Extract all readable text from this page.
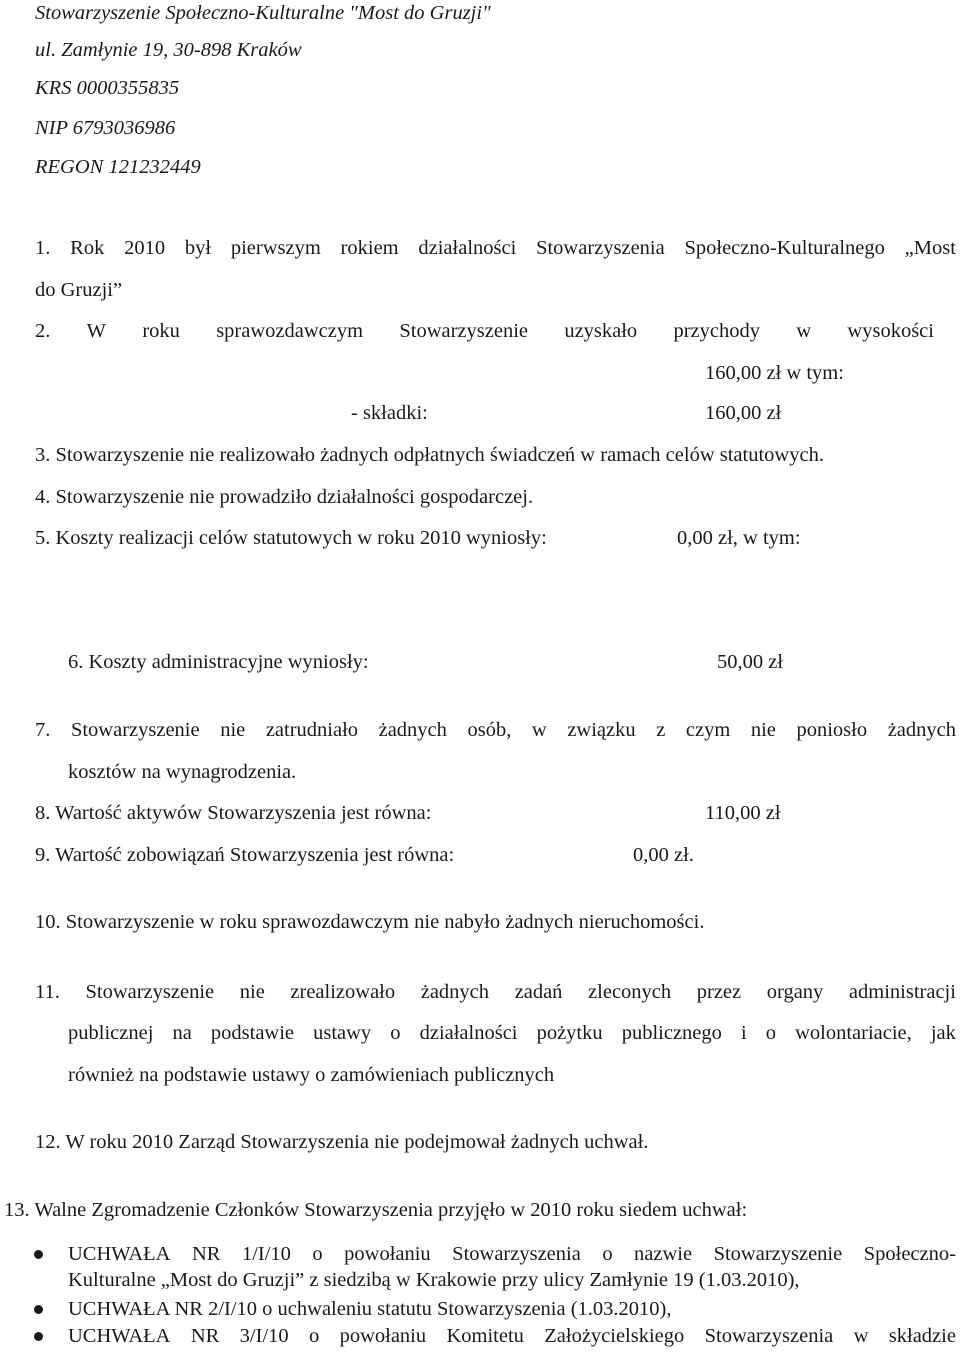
Stowarzyszenie Społeczno-Kulturalne "Most do Gruzji"
ul. Zamłynie 19, 30-898 Kraków
KRS 0000355835
NIP 6793036986
REGON 121232449
1. Rok 2010 był pierwszym rokiem działalności Stowarzyszenia Społeczno-Kulturalnego „Most
do Gruzji”
2. W roku sprawozdawczym Stowarzyszenie uzyskało przychody w wysokości
160,00 zł w tym:
- składki:	160,00 zł
3. Stowarzyszenie nie realizowało żadnych odpłatnych świadczeń w ramach celów statutowych.
4. Stowarzyszenie nie prowadziło działalności gospodarczej.
5. Koszty realizacji celów statutowych w roku 2010 wyniosły:	0,00 zł, w tym:
6. Koszty administracyjne wyniosły:	50,00 zł
7. Stowarzyszenie nie zatrudniało żadnych osób, w związku z czym nie poniosło żadnych
kosztów na wynagrodzenia.
8. Wartość aktywów Stowarzyszenia jest równa:	110,00 zł
9. Wartość zobowiązań Stowarzyszenia jest równa:	0,00 zł.
10. Stowarzyszenie w roku sprawozdawczym nie nabyło żadnych nieruchomości.
11. Stowarzyszenie nie zrealizowało żadnych zadań zleconych przez organy administracji
publicznej na podstawie ustawy o działalności pożytku publicznego i o wolontariacie, jak
również na podstawie ustawy o zamówieniach publicznych
12. W roku 2010 Zarząd Stowarzyszenia nie podejmował żadnych uchwał.
13. Walne Zgromadzenie Członków Stowarzyszenia przyjęło w 2010 roku siedem uchwał:
UCHWAŁA NR 1/I/10 o powołaniu Stowarzyszenia o nazwie Stowarzyszenie Społeczno-
Kulturalne „Most do Gruzji” z siedzibą w Krakowie przy ulicy Zamłynie 19 (1.03.2010),
UCHWAŁA NR 2/I/10 o uchwaleniu statutu Stowarzyszenia (1.03.2010),
UCHWAŁA NR 3/I/10 o powołaniu Komitetu Założycielskiego Stowarzyszenia w składzie
